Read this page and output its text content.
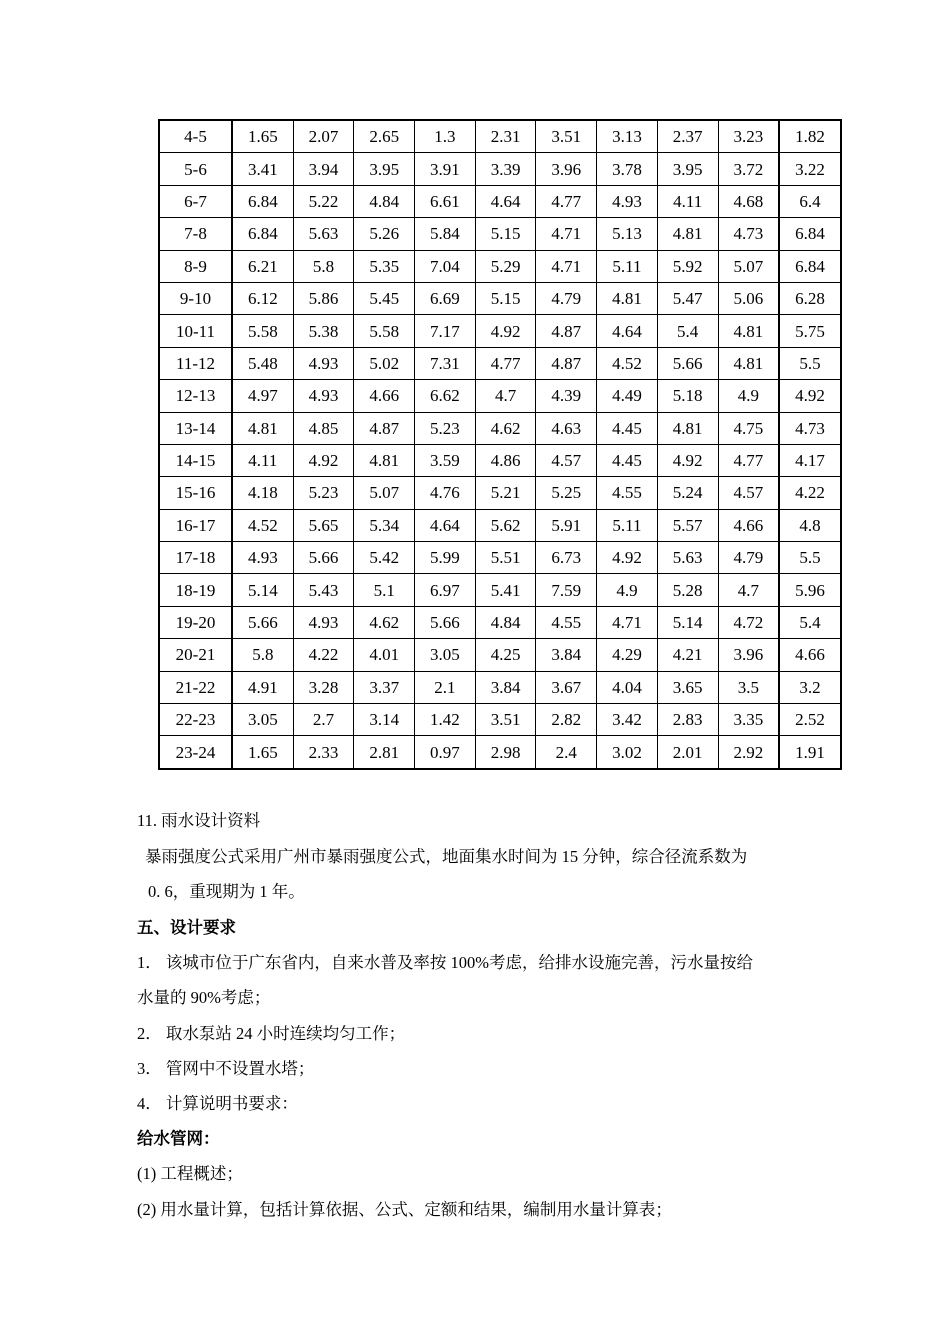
4-5	1.65	2.07	2.65	1.3	2.31	3.51	3.13	2.37	3.23	1.82
5-6	3.41	3.94	3.95	3.91	3.39	3.96	3.78	3.95	3.72	3.22
6-7	6.84	5.22	4.84	6.61	4.64	4.77	4.93	4.11	4.68	6.4
7-8	6.84	5.63	5.26	5.84	5.15	4.71	5.13	4.81	4.73	6.84
8-9	6.21	5.8	5.35	7.04	5.29	4.71	5.11	5.92	5.07	6.84
9-10	6.12	5.86	5.45	6.69	5.15	4.79	4.81	5.47	5.06	6.28
10-11	5.58	5.38	5.58	7.17	4.92	4.87	4.64	5.4	4.81	5.75
11-12	5.48	4.93	5.02	7.31	4.77	4.87	4.52	5.66	4.81	5.5
12-13	4.97	4.93	4.66	6.62	4.7	4.39	4.49	5.18	4.9	4.92
13-14	4.81	4.85	4.87	5.23	4.62	4.63	4.45	4.81	4.75	4.73
14-15	4.11	4.92	4.81	3.59	4.86	4.57	4.45	4.92	4.77	4.17
15-16	4.18	5.23	5.07	4.76	5.21	5.25	4.55	5.24	4.57	4.22
16-17	4.52	5.65	5.34	4.64	5.62	5.91	5.11	5.57	4.66	4.8
17-18	4.93	5.66	5.42	5.99	5.51	6.73	4.92	5.63	4.79	5.5
18-19	5.14	5.43	5.1	6.97	5.41	7.59	4.9	5.28	4.7	5.96
19-20	5.66	4.93	4.62	5.66	4.84	4.55	4.71	5.14	4.72	5.4
20-21	5.8	4.22	4.01	3.05	4.25	3.84	4.29	4.21	3.96	4.66
21-22	4.91	3.28	3.37	2.1	3.84	3.67	4.04	3.65	3.5	3.2
22-23	3.05	2.7	3.14	1.42	3.51	2.82	3.42	2.83	3.35	2.52
23-24	1.65	2.33	2.81	0.97	2.98	2.4	3.02	2.01	2.92	1.91
11. 雨水设计资料
暴雨强度公式采用广州市暴雨强度公式，地面集水时间为 15 分钟，综合径流系数为
0. 6，重现期为 1 年。
五、设计要求
1． 该城市位于广东省内，自来水普及率按 100%考虑，给排水设施完善，污水量按给
水量的 90%考虑；
2． 取水泵站 24 小时连续均匀工作；
3． 管网中不设置水塔；
4． 计算说明书要求：
给水管网：
(1) 工程概述；
(2) 用水量计算，包括计算依据、公式、定额和结果，编制用水量计算表；
